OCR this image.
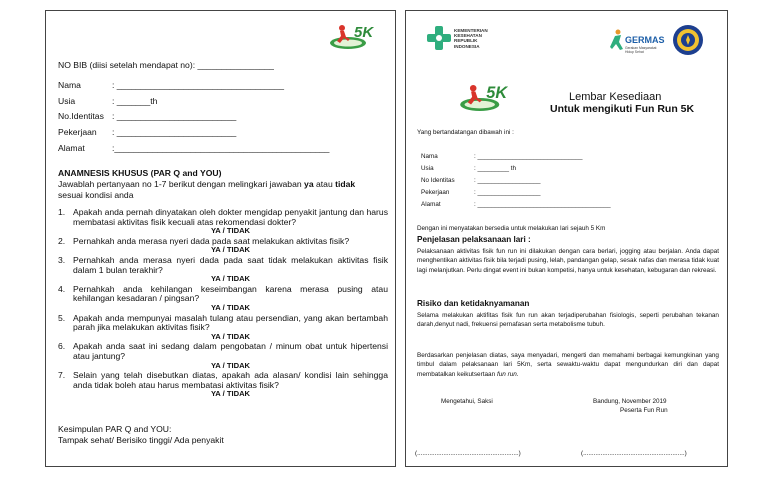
5K
NO BIB (diisi setelah mendapat no): ________________
Nama	: ___________________________________
Usia	: _______th
No.Identitas : _________________________
Pekerjaan : _________________________
Alamat	:_____________________________________________
ANAMNESIS KHUSUS (PAR Q and YOU)
Jawablah pertanyaan no 1-7 berikut dengan melingkari jawaban ya atau tidak
sesuai kondisi anda
1. Apakah anda pernah dinyatakan oleh dokter mengidap penyakit jantung dan harus membatasi aktivitas fisik kecuali atas rekomendasi dokter?
YA / TIDAK
2. Pernahkah anda merasa nyeri dada pada saat melakukan aktivitas fisik?
YA / TIDAK
3. Pernahkah anda merasa nyeri dada pada saat tidak melakukan aktivitas fisik dalam 1 bulan terakhir?
YA / TIDAK
4. Pernahkah anda kehilangan keseimbangan karena merasa pusing atau kehilangan kesadaran / pingsan?
YA / TIDAK
5. Apakah anda mempunyai masalah tulang atau persendian, yang akan bertambah parah jika melakukan aktivitas fisik?
YA / TIDAK
6. Apakah anda saat ini sedang dalam pengobatan / minum obat untuk hipertensi atau jantung?
YA / TIDAK
7. Selain yang telah disebutkan diatas, apakah ada alasan/ kondisi lain sehingga anda tidak boleh atau harus membatasi aktivitas fisik?
YA / TIDAK
Kesimpulan PAR Q and YOU:
Tampak sehat/ Berisiko tinggi/ Ada penyakit
KEMENTERIAN
KESEHATAN
REPUBLIK
INDONESIA
GERMAS
Gerakan Masyarakat
Hidup Sehat
5K	Lembar Kesediaan
Untuk mengikuti Fun Run 5K
Yang bertandatangan dibawah ini :
Nama	: ______________________________
Usia	: _________ th
No Identitas	: __________________
Pekerjaan	: __________________
Alamat	: ______________________________________
Dengan ini menyatakan bersedia untuk melakukan lari sejauh 5 Km
Penjelasan pelaksanaan lari :
Pelaksanaan aktivitas fisik fun run ini dilakukan dengan cara berlari, jogging atau berjalan. Anda dapat menghentikan aktivitas fisik bila terjadi pusing, lelah, pandangan gelap, sesak nafas dan merasa tidak kuat lagi melanjutkan. Perlu dingat event ini bukan kompetisi, hanya untuk kesehatan, kebugaran dan rekreasi.
Risiko dan ketidaknyamanan
Selama melakukan aktifitas fisik fun run akan terjadiperubahan fisiologis, seperti perubahan tekanan darah,denyut nadi, frekuensi pernafasan serta metabolisme tubuh.
Berdasarkan penjelasan diatas, saya menyadari, mengerti dan memahami berbagai kemungkinan yang timbul dalam pelaksanaan lari 5Km, serta sewaktu-waktu dapat mengundurkan diri dan dapat membatalkan keikutsertaan fun run.
Mengetahui, Saksi	Bandung, November 2019
Peserta Fun Run
(..........................................................)	(..........................................................)
